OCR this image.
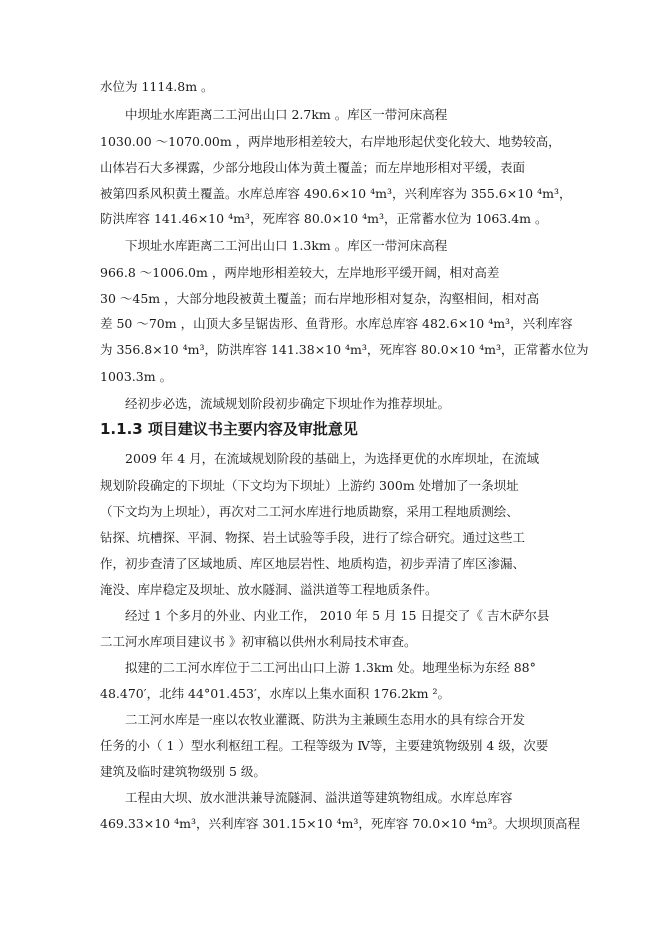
水位为 1114.8m 。
中坝址水库距离二工河出山口 2.7km 。库区一带河床高程
1030.00 ～1070.00m ，两岸地形相差较大，右岸地形起伏变化较大、地势较高，
山体岩石大多裸露，少部分地段山体为黄土覆盖；而左岸地形相对平缓，表面
被第四系风积黄土覆盖。水库总库容 490.6×10 ⁴m³，兴利库容为 355.6×10 ⁴m³，
防洪库容 141.46×10 ⁴m³，死库容 80.0×10 ⁴m³，正常蓄水位为 1063.4m 。
下坝址水库距离二工河出山口 1.3km 。库区一带河床高程
966.8 ～1006.0m ，两岸地形相差较大，左岸地形平缓开阔，相对高差
30 ～45m ，大部分地段被黄土覆盖；而右岸地形相对复杂，沟壑相间，相对高
差 50 ～70m ，山顶大多呈锯齿形、鱼背形。水库总库容 482.6×10 ⁴m³，兴利库容
为 356.8×10 ⁴m³，防洪库容 141.38×10 ⁴m³，死库容 80.0×10 ⁴m³，正常蓄水位为
1003.3m 。
经初步必选，流域规划阶段初步确定下坝址作为推荐坝址。
1.1.3 项目建议书主要内容及审批意见
2009 年 4 月，在流域规划阶段的基础上，为选择更优的水库坝址，在流域
规划阶段确定的下坝址（下文均为下坝址）上游约 300m 处增加了一条坝址
（下文均为上坝址），再次对二工河水库进行地质勘察，采用工程地质测绘、
钻探、坑槽探、平洞、物探、岩土试验等手段，进行了综合研究。通过这些工
作，初步查清了区域地质、库区地层岩性、地质构造，初步弄清了库区渗漏、
淹没、库岸稳定及坝址、放水隧洞、溢洪道等工程地质条件。
经过 1 个多月的外业、内业工作， 2010 年 5 月 15 日提交了《 吉木萨尔县
二工河水库项目建议书 》初审稿以供州水利局技术审查。
拟建的二工河水库位于二工河出山口上游 1.3km 处。地理坐标为东经 88°
48.470′，北纬 44°01.453′，水库以上集水面积 176.2km ²。
二工河水库是一座以农牧业灌溉、防洪为主兼顾生态用水的具有综合开发
任务的小（ 1 ）型水利枢纽工程。工程等级为 Ⅳ等，主要建筑物级别 4 级，次要
建筑及临时建筑物级别 5 级。
工程由大坝、放水泄洪兼导流隧洞、溢洪道等建筑物组成。水库总库容
469.33×10 ⁴m³，兴利库容 301.15×10 ⁴m³，死库容 70.0×10 ⁴m³。大坝坝顶高程
